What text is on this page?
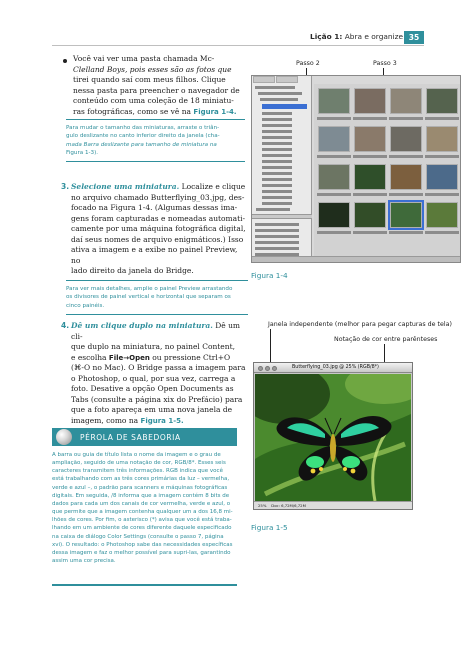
Lição 1: Abra e organize 35
Você vai ver uma pasta chamada Mc-
Clelland Boys, pois esses são as fotos que
tirei quando saí com meus filhos. Clique
nessa pasta para preencher o navegador de
conteúdo com uma coleção de 18 miniatu-
ras fotográficas, como se vê na Figura 1-4.
Para mudar o tamanho das miniaturas, arraste o triân-
gulo deslizante no canto inferior direito da janela (cha-
mada Barra deslizante para tamanho de miniatura na
Figura 1-3).
3. Selecione uma miniatura. Localize e clique
no arquivo chamado Butterflying_03.jpg, des-
focado na Figura 1-4. (Algumas dessas ima-
gens foram capturadas e nomeadas automati-
camente por uma máquina fotográfica digital,
daí seus nomes de arquivo enigmáticos.) Isso
ativa a imagem e a exibe no painel Preview, no
lado direito da janela do Bridge.
Para ver mais detalhes, amplie o painel Preview arrastando
os divisores de painel vertical e horizontal que separam os
cinco painéis.
4. Dê um clique duplo na miniatura. Dê um cli-
que duplo na miniatura, no painel Content,
e escolha File→Open ou pressione Ctrl+O
(⌘-O no Mac). O Bridge passa a imagem para
o Photoshop, o qual, por sua vez, carrega a
foto. Desative a opção Open Documents as
Tabs (consulte a página xix do Prefácio) para
que a foto apareça em uma nova janela de
imagem, como na Figura 1-5.
PÉROLA DE SABEDORIA
A barra ou guia de título lista o nome da imagem e o grau de
ampliação, seguido de uma notação de cor, RGB/8*. Esses seis
caracteres transmitem três informações. RGB indica que você
está trabalhando com as três cores primárias da luz – vermelha,
verde e azul –, o padrão para scanners e máquinas fotográficas
digitais. Em seguida, /8 informa que a imagem contém 8 bits de
dados para cada um dos canais de cor vermelha, verde e azul, o
que permite que a imagem contenha qualquer um a dos 16,8 mi-
lhões de cores. Por fim, o asterisco (*) avisa que você está traba-
lhando em um ambiente de cores diferente daquele especificado
na caixa de diálogo Color Settings (consulte o passo 7, página
xvi). O resultado: o Photoshop sabe das necessidades específicas
dessa imagem e faz o melhor possível para supri-las, garantindo
assim uma cor precisa.
Passo 2	Passo 3
Figura 1-4
Janela independente (melhor para pegar capturas de tela)
Notação de cor entre parênteses
Butterflying_03.jpg @ 25% (RGB/8*)
25% Doc: 6,72M/6,72M
Figura 1-5
